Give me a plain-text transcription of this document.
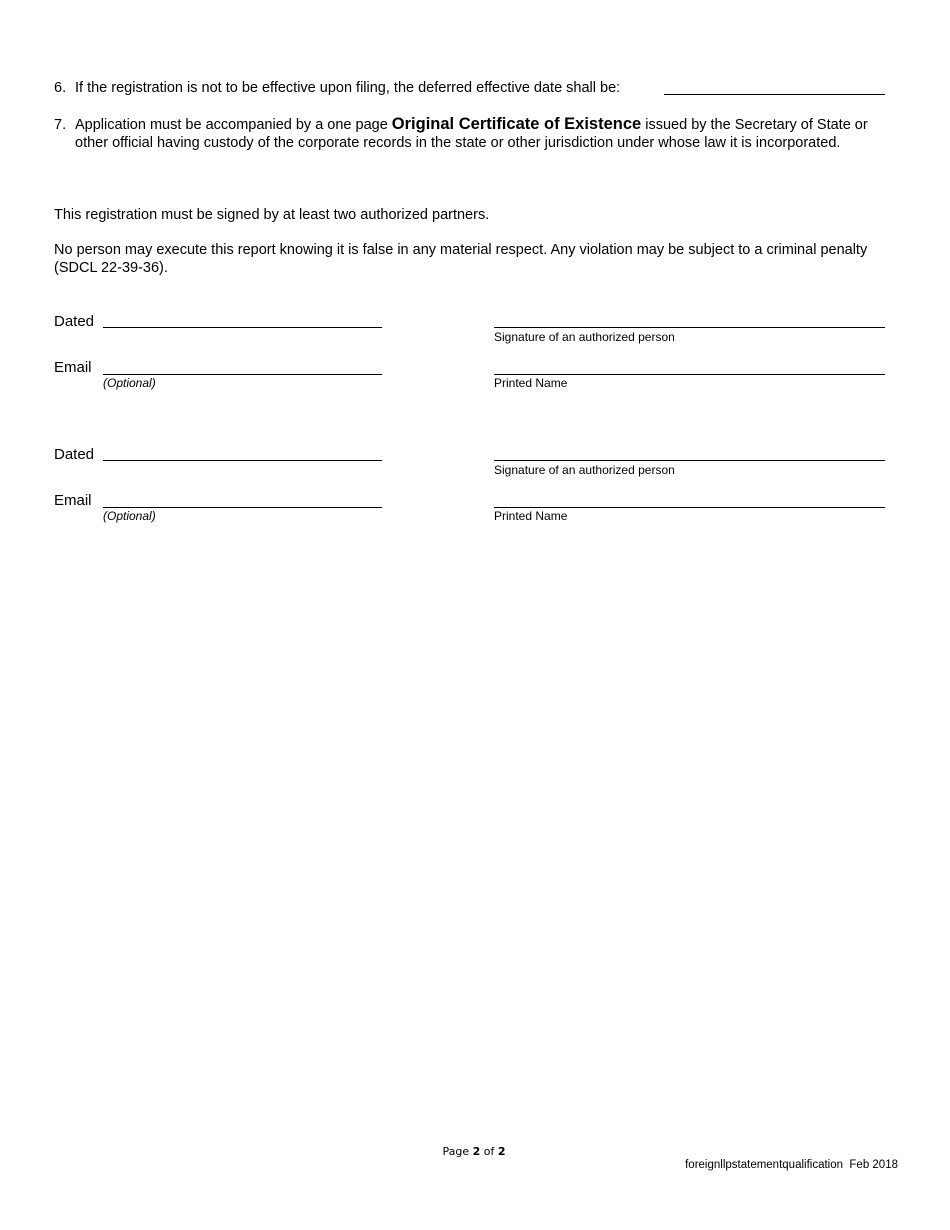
6. If the registration is not to be effective upon filing, the deferred effective date shall be:
7. Application must be accompanied by a one page Original Certificate of Existence issued by the Secretary of State or other official having custody of the corporate records in the state or other jurisdiction under whose law it is incorporated.
This registration must be signed by at least two authorized partners.
No person may execute this report knowing it is false in any material respect. Any violation may be subject to a criminal penalty (SDCL 22-39-36).
Dated
Signature of an authorized person
Email
(Optional)	Printed Name
Dated
Signature of an authorized person
Email
(Optional)	Printed Name
Page 2 of 2
foreignllpstatementqualification  Feb 2018
